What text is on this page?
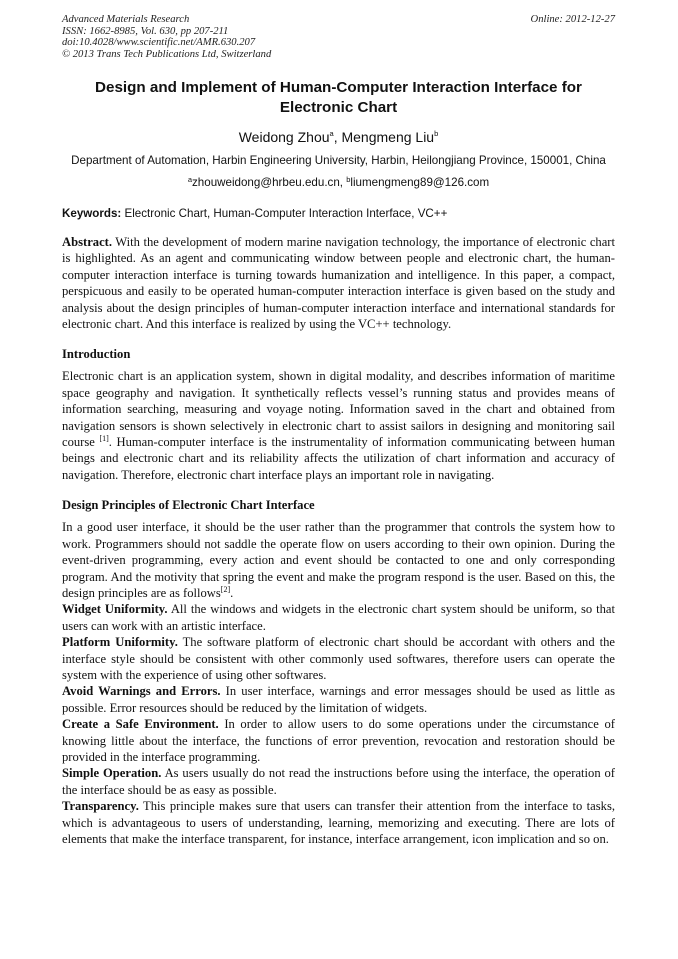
Advanced Materials Research
ISSN: 1662-8985, Vol. 630, pp 207-211
doi:10.4028/www.scientific.net/AMR.630.207
© 2013 Trans Tech Publications Ltd, Switzerland
Online: 2012-12-27
Design and Implement of Human-Computer Interaction Interface for Electronic Chart
Weidong Zhou$^a$, Mengmeng Liu$^b$
Department of Automation, Harbin Engineering University, Harbin, Heilongjiang Province, 150001, China
$^a$zhouweidong@hrbeu.edu.cn, $^b$liumengmeng89@126.com
Keywords: Electronic Chart, Human-Computer Interaction Interface, VC++
Abstract. With the development of modern marine navigation technology, the importance of electronic chart is highlighted. As an agent and communicating window between people and electronic chart, the human-computer interaction interface is turning towards humanization and intelligence. In this paper, a compact, perspicuous and easily to be operated human-computer interaction interface is given based on the study and analysis about the design principles of human-computer interaction interface and international standards for electronic chart. And this interface is realized by using the VC++ technology.
Introduction
Electronic chart is an application system, shown in digital modality, and describes information of maritime space geography and navigation. It synthetically reflects vessel’s running status and provides means of information searching, measuring and voyage noting. Information saved in the chart and obtained from navigation sensors is shown selectively in electronic chart to assist sailors in designing and monitoring sail course [1]. Human-computer interface is the instrumentality of information communicating between human beings and electronic chart and its reliability affects the utilization of chart information and accuracy of navigation. Therefore, electronic chart interface plays an important role in navigating.
Design Principles of Electronic Chart Interface
In a good user interface, it should be the user rather than the programmer that controls the system how to work. Programmers should not saddle the operate flow on users according to their own opinion. During the event-driven programming, every action and event should be contacted to one and only corresponding program. And the motivity that spring the event and make the program respond is the user. Based on this, the design principles are as follows[2].
Widget Uniformity. All the windows and widgets in the electronic chart system should be uniform, so that users can work with an artistic interface.
Platform Uniformity. The software platform of electronic chart should be accordant with others and the interface style should be consistent with other commonly used softwares, therefore users can operate the system with the experience of using other softwares.
Avoid Warnings and Errors. In user interface, warnings and error messages should be used as little as possible. Error resources should be reduced by the limitation of widgets.
Create a Safe Environment. In order to allow users to do some operations under the circumstance of knowing little about the interface, the functions of error prevention, revocation and restoration should be provided in the interface programming.
Simple Operation. As users usually do not read the instructions before using the interface, the operation of the interface should be as easy as possible.
Transparency. This principle makes sure that users can transfer their attention from the interface to tasks, which is advantageous to users of understanding, learning, memorizing and executing. There are lots of elements that make the interface transparent, for instance, interface arrangement, icon implication and so on.
